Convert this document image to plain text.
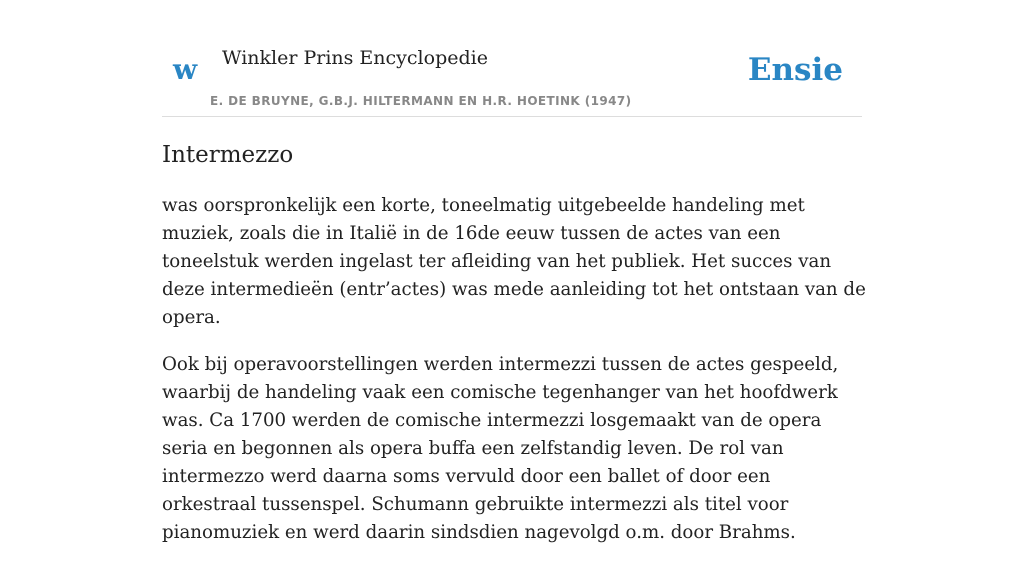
w Winkler Prins Encyclopedie
E. DE BRUYNE, G.B.J. HILTERMANN EN H.R. HOETINK (1947)
Ensie
Intermezzo

was oorspronkelijk een korte, toneelmatig uitgebeelde handeling met muziek, zoals die in Italië in de 16de eeuw tussen de actes van een toneelstuk werden ingelast ter afleiding van het publiek. Het succes van deze intermedieën (entr’actes) was mede aanleiding tot het ontstaan van de opera.

Ook bij operavoorstellingen werden intermezzi tussen de actes gespeeld, waarbij de handeling vaak een comische tegenhanger van het hoofdwerk was. Ca 1700 werden de comische intermezzi losgemaakt van de opera seria en begonnen als opera buffa een zelfstandig leven. De rol van intermezzo werd daarna soms vervuld door een ballet of door een orkestraal tussenspel. Schumann gebruikte intermezzi als titel voor pianomuziek en werd daarin sindsdien nagevolgd o.m. door Brahms.
